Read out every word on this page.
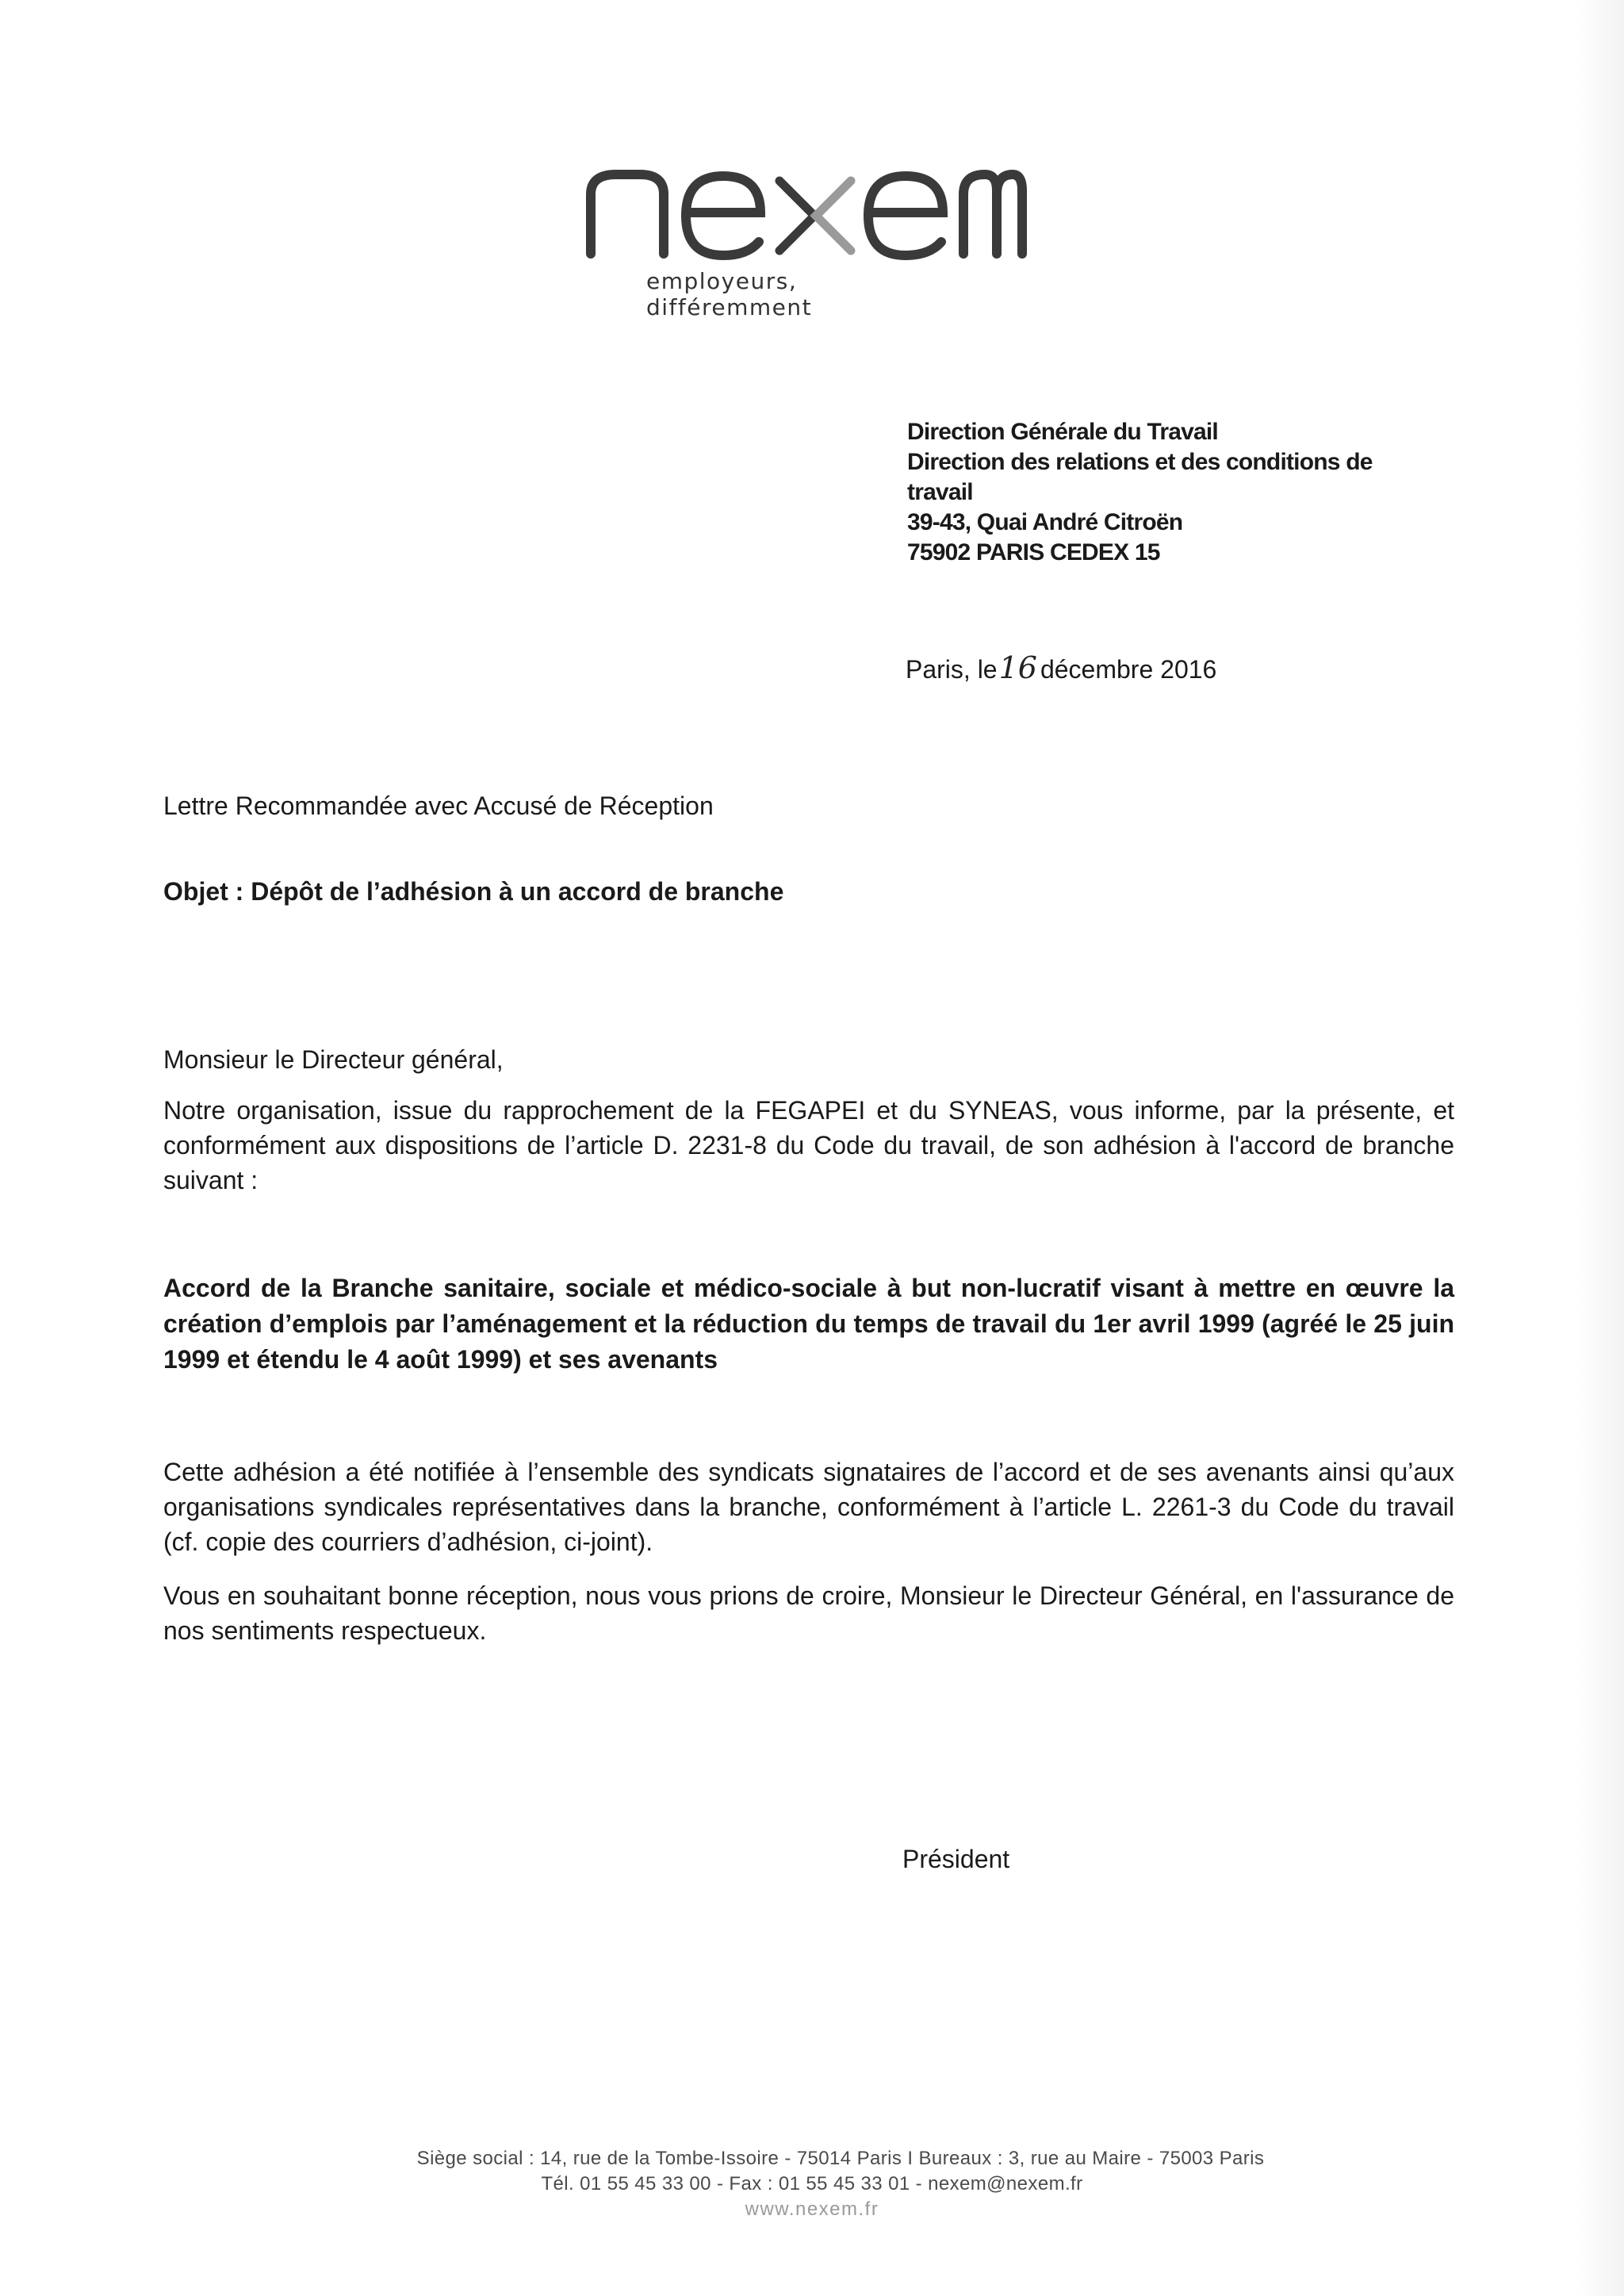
employeurs, différemment
Direction Générale du Travail
Direction des relations et des conditions de
travail
39-43, Quai André Citroën
75902 PARIS CEDEX 15
Paris, le16 décembre 2016
Lettre Recommandée avec Accusé de Réception
Objet : Dépôt de l’adhésion à un accord de branche
Monsieur le Directeur général,
Notre organisation, issue du rapprochement de la FEGAPEI et du SYNEAS, vous informe, par la présente, et conformément aux dispositions de l’article D. 2231-8 du Code du travail, de son adhésion à l'accord de branche suivant :
Accord de la Branche sanitaire, sociale et médico-sociale à but non-lucratif visant à mettre en œuvre la création d’emplois par l’aménagement et la réduction du temps de travail du 1er avril 1999 (agréé le 25 juin 1999 et étendu le 4 août 1999) et ses avenants
Cette adhésion a été notifiée à l’ensemble des syndicats signataires de l’accord et de ses avenants ainsi qu’aux organisations syndicales représentatives dans la branche, conformément à l’article L. 2261-3 du Code du travail (cf. copie des courriers d’adhésion, ci-joint).
Vous en souhaitant bonne réception, nous vous prions de croire, Monsieur le Directeur Général, en l'assurance de nos sentiments respectueux.
Président
Siège social : 14, rue de la Tombe-Issoire - 75014 Paris I Bureaux : 3, rue au Maire - 75003 Paris
Tél. 01 55 45 33 00 - Fax : 01 55 45 33 01 - nexem@nexem.fr
www.nexem.fr
